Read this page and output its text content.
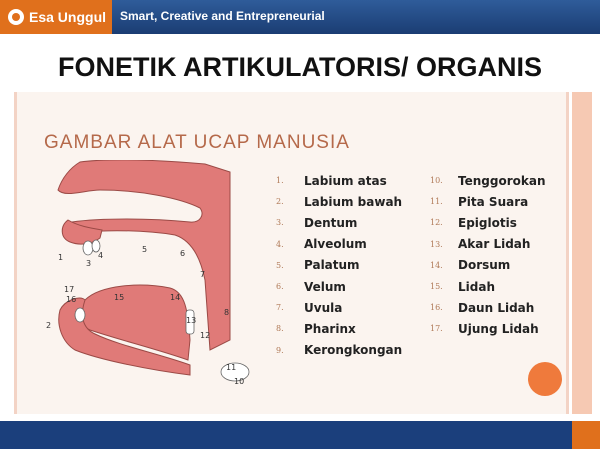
Esa Unggul Smart, Creative and Entrepreneurial
FONETIK ARTIKULATORIS/ ORGANIS
GAMBAR ALAT UCAP MANUSIA
1
2
3
4
5	6
7
8
10
11
12
13
14
15
16
17
1.	Labium atas
2.	Labium bawah
3.	Dentum
4.	Alveolum
5.	Palatum
6.	Velum
7.	Uvula
8.	Pharinx
9.	Kerongkongan
10.	Tenggorokan
11.	Pita Suara
12.	Epiglotis
13.	Akar Lidah
14.	Dorsum
15.	Lidah
16.	Daun Lidah
17.	Ujung Lidah
